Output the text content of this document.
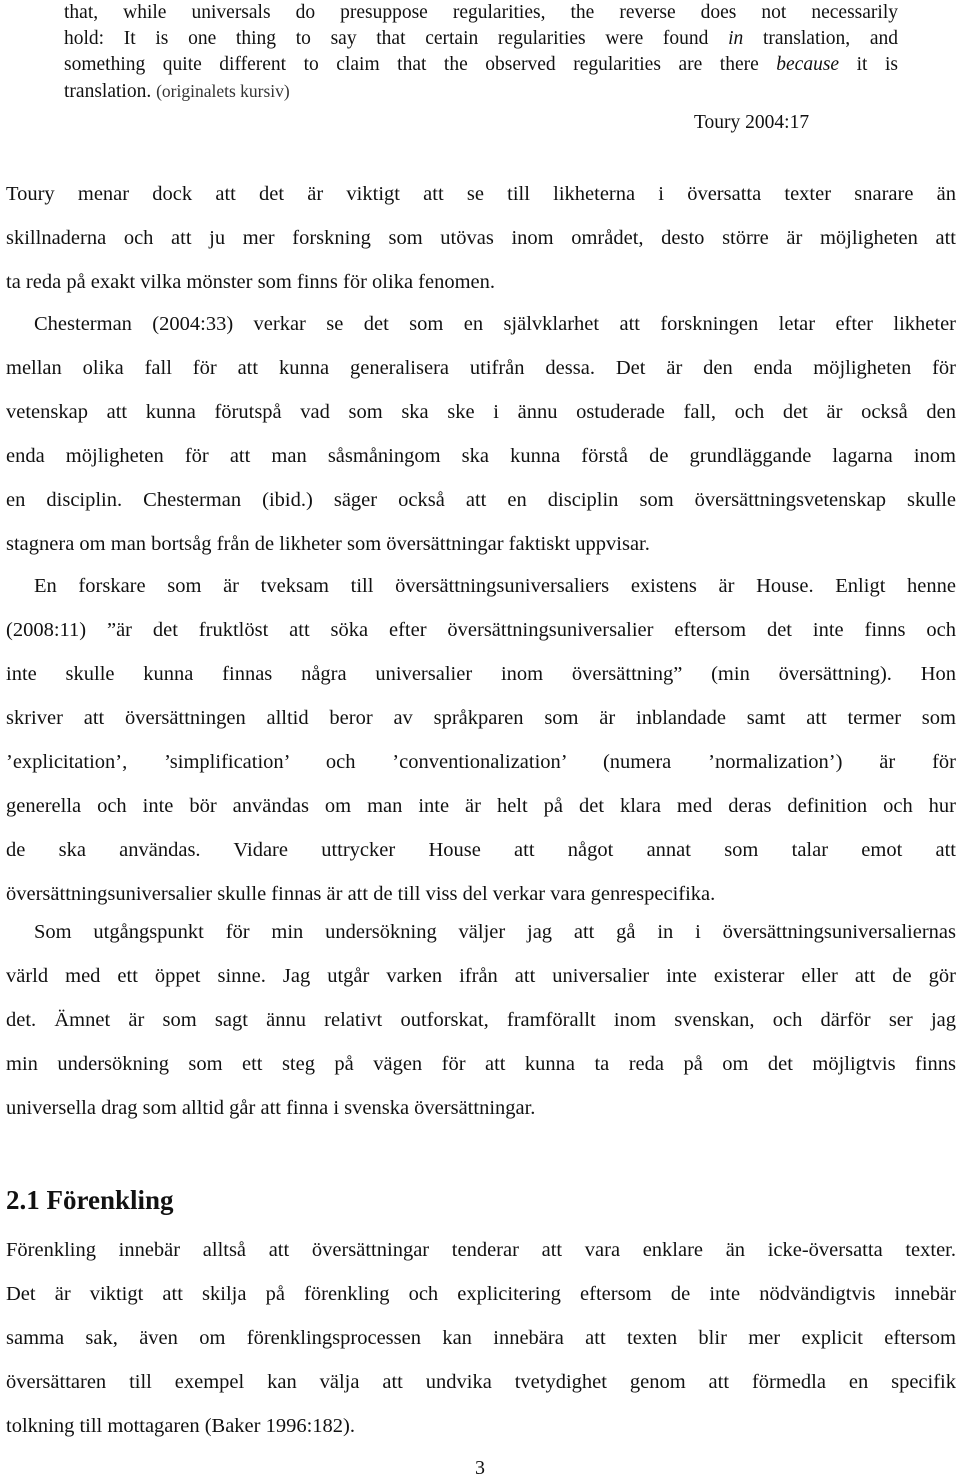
that, while universals do presuppose regularities, the reverse does not necessarily
hold: It is one thing to say that certain regularities were found in translation, and
something quite different to claim that the observed regularities are there because it is
translation. (originalets kursiv)
Toury 2004:17
Toury menar dock att det är viktigt att se till likheterna i översatta texter snarare än
skillnaderna och att ju mer forskning som utövas inom området, desto större är möjligheten att
ta reda på exakt vilka mönster som finns för olika fenomen.
Chesterman (2004:33) verkar se det som en självklarhet att forskningen letar efter likheter
mellan olika fall för att kunna generalisera utifrån dessa. Det är den enda möjligheten för
vetenskap att kunna förutspå vad som ska ske i ännu ostuderade fall, och det är också den
enda möjligheten för att man såsmåningom ska kunna förstå de grundläggande lagarna inom
en disciplin. Chesterman (ibid.) säger också att en disciplin som översättningsvetenskap skulle
stagnera om man bortsåg från de likheter som översättningar faktiskt uppvisar.
En forskare som är tveksam till översättningsuniversaliers existens är House. Enligt henne
(2008:11) ”är det fruktlöst att söka efter översättningsuniversalier eftersom det inte finns och
inte skulle kunna finnas några universalier inom översättning” (min översättning). Hon
skriver att översättningen alltid beror av språkparen som är inblandade samt att termer som
’explicitation’, ’simplification’ och ’conventionalization’ (numera ’normalization’) är för
generella och inte bör användas om man inte är helt på det klara med deras definition och hur
de ska användas. Vidare uttrycker House att något annat som talar emot att
översättningsuniversalier skulle finnas är att de till viss del verkar vara genrespecifika.
Som utgångspunkt för min undersökning väljer jag att gå in i översättningsuniversaliernas
värld med ett öppet sinne. Jag utgår varken ifrån att universalier inte existerar eller att de gör
det. Ämnet är som sagt ännu relativt outforskat, framförallt inom svenskan, och därför ser jag
min undersökning som ett steg på vägen för att kunna ta reda på om det möjligtvis finns
universella drag som alltid går att finna i svenska översättningar.
2.1 Förenkling
Förenkling innebär alltså att översättningar tenderar att vara enklare än icke-översatta texter.
Det är viktigt att skilja på förenkling och explicitering eftersom de inte nödvändigtvis innebär
samma sak, även om förenklingsprocessen kan innebära att texten blir mer explicit eftersom
översättaren till exempel kan välja att undvika tvetydighet genom att förmedla en specifik
tolkning till mottagaren (Baker 1996:182).
3
